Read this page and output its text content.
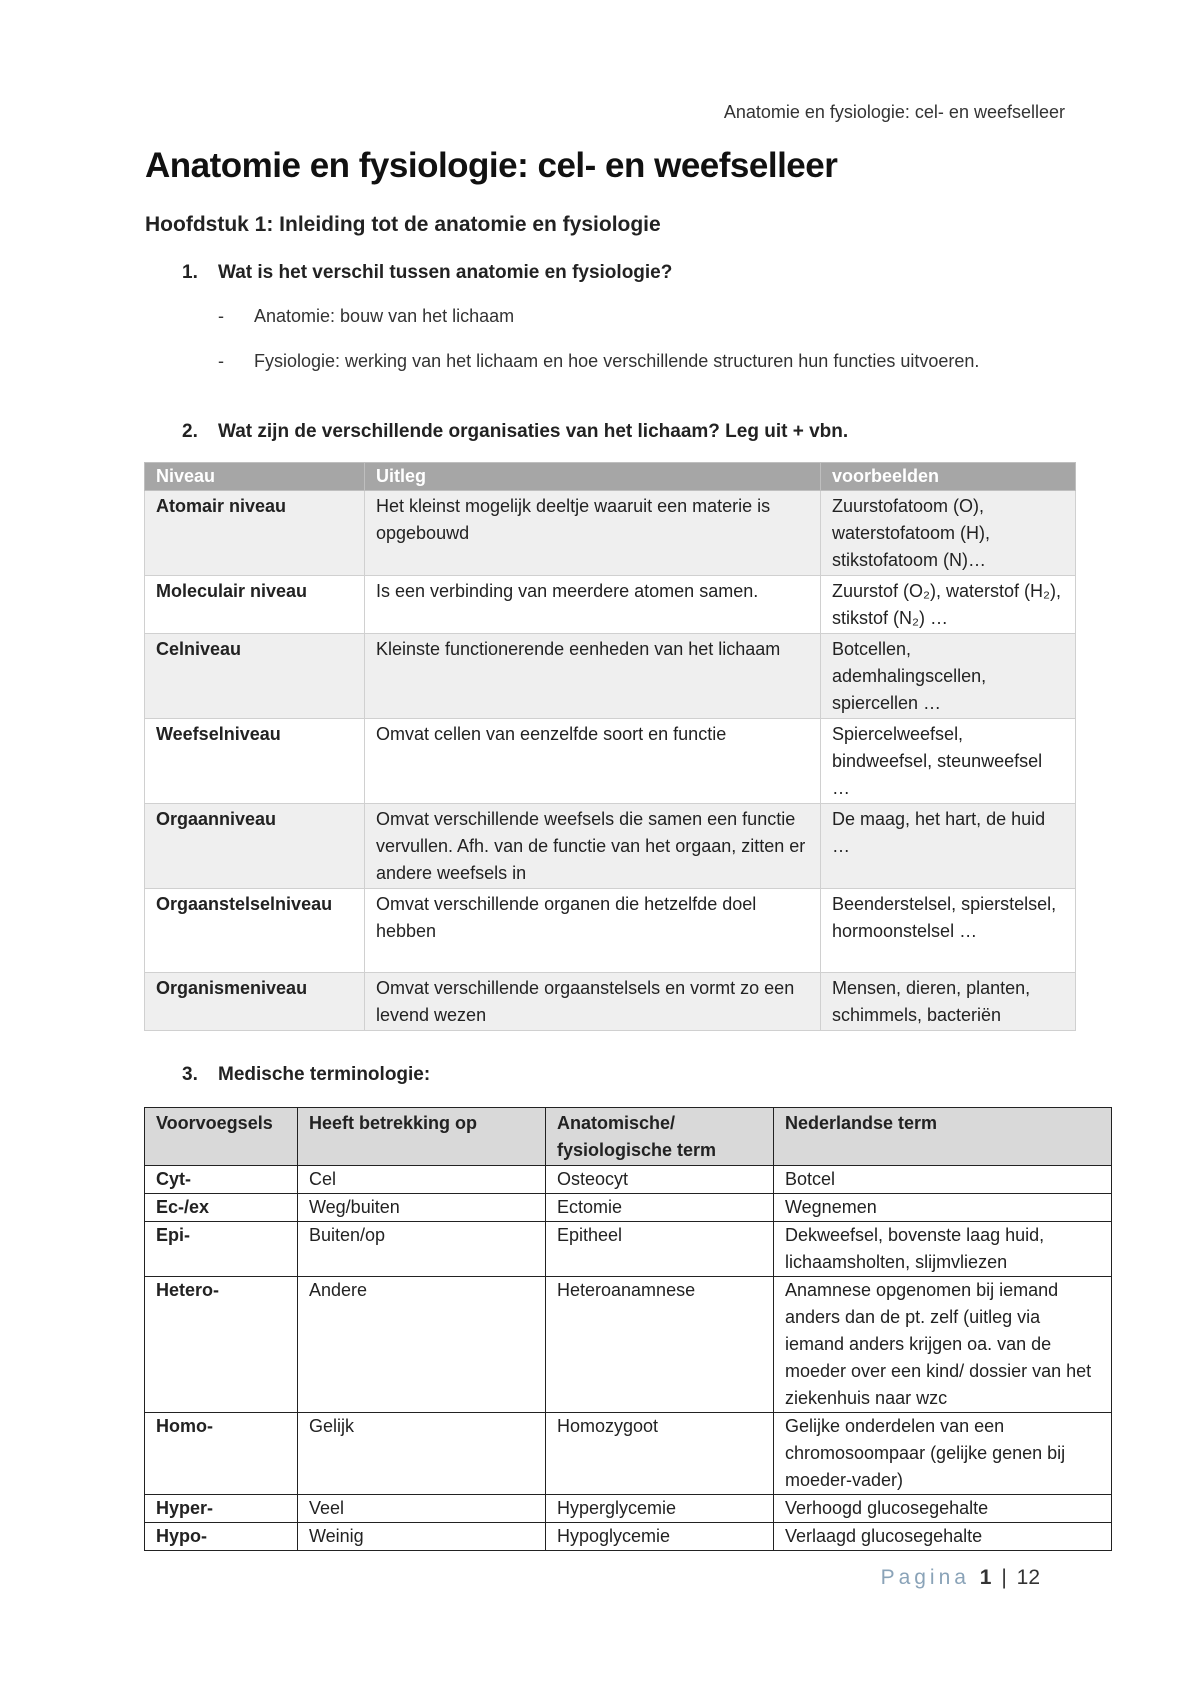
Anatomie en fysiologie: cel- en weefselleer
Anatomie en fysiologie: cel- en weefselleer
Hoofdstuk 1: Inleiding tot de anatomie en fysiologie
1. Wat is het verschil tussen anatomie en fysiologie?
- Anatomie: bouw van het lichaam
- Fysiologie: werking van het lichaam en hoe verschillende structuren hun functies uitvoeren.
2. Wat zijn de verschillende organisaties van het lichaam? Leg uit + vbn.
Niveau	Uitleg	voorbeelden
Atomair niveau	Het kleinst mogelijk deeltje waaruit een materie is opgebouwd	Zuurstofatoom (O), waterstofatoom (H), stikstofatoom (N)…
Moleculair niveau	Is een verbinding van meerdere atomen samen.	Zuurstof (O₂), waterstof (H₂), stikstof (N₂) …
Celniveau	Kleinste functionerende eenheden van het lichaam	Botcellen, ademhalingscellen, spiercellen …
Weefselniveau	Omvat cellen van eenzelfde soort en functie	Spiercelweefsel, bindweefsel, steunweefsel …
Orgaanniveau	Omvat verschillende weefsels die samen een functie vervullen. Afh. van de functie van het orgaan, zitten er andere weefsels in	De maag, het hart, de huid …
Orgaanstelselniveau	Omvat verschillende organen die hetzelfde doel hebben	Beenderstelsel, spierstelsel, hormoonstelsel …
Organismeniveau	Omvat verschillende orgaanstelsels en vormt zo een levend wezen	Mensen, dieren, planten, schimmels, bacteriën
3. Medische terminologie:
Voorvoegsels	Heeft betrekking op	Anatomische/ fysiologische term	Nederlandse term
Cyt-	Cel	Osteocyt	Botcel
Ec-/ex	Weg/buiten	Ectomie	Wegnemen
Epi-	Buiten/op	Epitheel	Dekweefsel, bovenste laag huid, lichaamsholten, slijmvliezen
Hetero-	Andere	Heteroanamnese	Anamnese opgenomen bij iemand anders dan de pt. zelf (uitleg via iemand anders krijgen oa. van de moeder over een kind/ dossier van het ziekenhuis naar wzc
Homo-	Gelijk	Homozygoot	Gelijke onderdelen van een chromosoompaar (gelijke genen bij moeder-vader)
Hyper-	Veel	Hyperglycemie	Verhoogd glucosegehalte
Hypo-	Weinig	Hypoglycemie	Verlaagd glucosegehalte
Pagina 1 | 12
